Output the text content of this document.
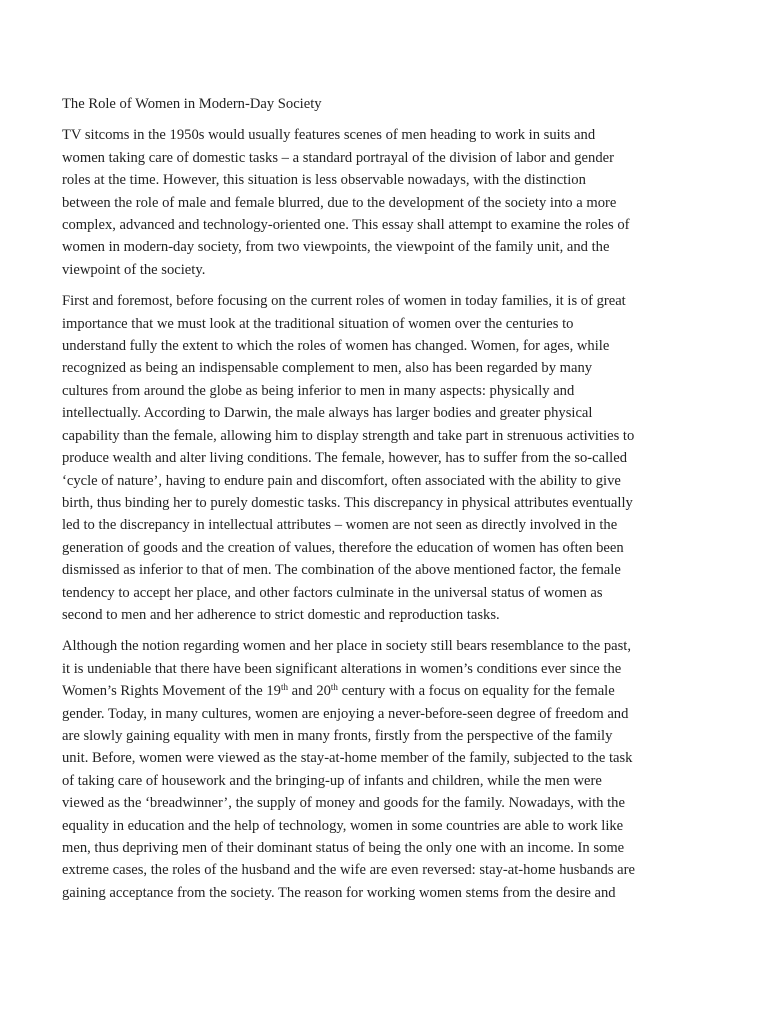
The Role of Women in Modern-Day Society
TV sitcoms in the 1950s would usually features scenes of men heading to work in suits and
women taking care of domestic tasks – a standard portrayal of the division of labor and gender
roles at the time. However, this situation is less observable nowadays, with the distinction
between the role of male and female blurred, due to the development of the society into a more
complex, advanced and technology-oriented one. This essay shall attempt to examine the roles of
women in modern-day society, from two viewpoints, the viewpoint of the family unit, and the
viewpoint of the society.
First and foremost, before focusing on the current roles of women in today families, it is of great
importance that we must look at the traditional situation of women over the centuries to
understand fully the extent to which the roles of women has changed. Women, for ages, while
recognized as being an indispensable complement to men, also has been regarded by many
cultures from around the globe as being inferior to men in many aspects: physically and
intellectually. According to Darwin, the male always has larger bodies and greater physical
capability than the female, allowing him to display strength and take part in strenuous activities to
produce wealth and alter living conditions. The female, however, has to suffer from the so-called
‘cycle of nature’, having to endure pain and discomfort, often associated with the ability to give
birth, thus binding her to purely domestic tasks. This discrepancy in physical attributes eventually
led to the discrepancy in intellectual attributes – women are not seen as directly involved in the
generation of goods and the creation of values, therefore the education of women has often been
dismissed as inferior to that of men. The combination of the above mentioned factor, the female
tendency to accept her place, and other factors culminate in the universal status of women as
second to men and her adherence to strict domestic and reproduction tasks.
Although the notion regarding women and her place in society still bears resemblance to the past,
it is undeniable that there have been significant alterations in women’s conditions ever since the
Women’s Rights Movement of the 19th and 20th century with a focus on equality for the female
gender. Today, in many cultures, women are enjoying a never-before-seen degree of freedom and
are slowly gaining equality with men in many fronts, firstly from the perspective of the family
unit. Before, women were viewed as the stay-at-home member of the family, subjected to the task
of taking care of housework and the bringing-up of infants and children, while the men were
viewed as the ‘breadwinner’, the supply of money and goods for the family. Nowadays, with the
equality in education and the help of technology, women in some countries are able to work like
men, thus depriving men of their dominant status of being the only one with an income. In some
extreme cases, the roles of the husband and the wife are even reversed: stay-at-home husbands are
gaining acceptance from the society. The reason for working women stems from the desire and
